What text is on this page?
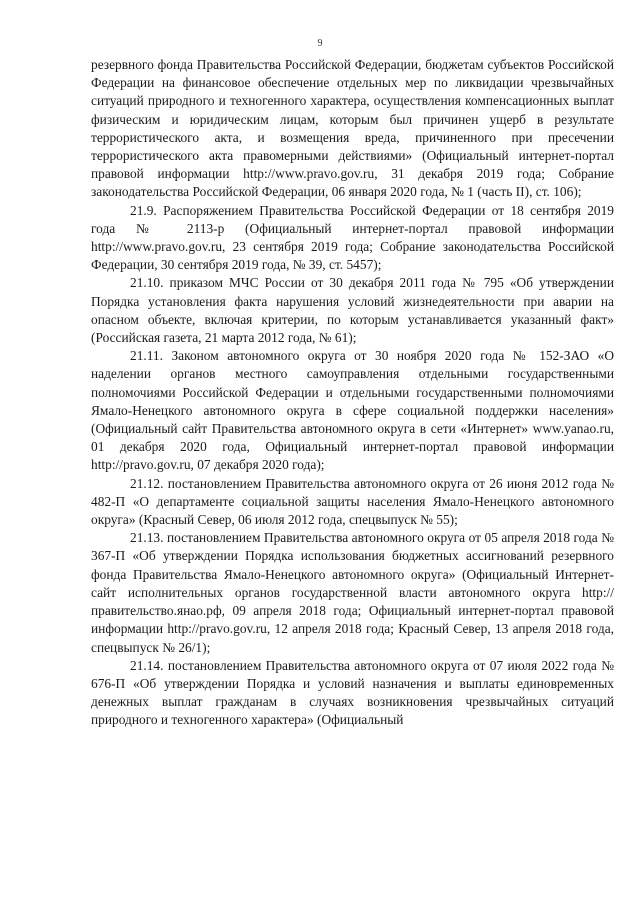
9

резервного фонда Правительства Российской Федерации, бюджетам субъектов Российской Федерации на финансовое обеспечение отдельных мер по ликвидации чрезвычайных ситуаций природного и техногенного характера, осуществления компенсационных выплат физическим и юридическим лицам, которым был причинен ущерб в результате террористического акта, и возмещения вреда, причиненного при пресечении террористического акта правомерными действиями» (Официальный интернет-портал правовой информации http://www.pravo.gov.ru, 31 декабря 2019 года; Собрание законодательства Российской Федерации, 06 января 2020 года, № 1 (часть II), ст. 106);

21.9. Распоряжением Правительства Российской Федерации от 18 сентября 2019 года № 2113-р (Официальный интернет-портал правовой информации http://www.pravo.gov.ru, 23 сентября 2019 года; Собрание законодательства Российской Федерации, 30 сентября 2019 года, № 39, ст. 5457);

21.10. приказом МЧС России от 30 декабря 2011 года № 795 «Об утверждении Порядка установления факта нарушения условий жизнедеятельности при аварии на опасном объекте, включая критерии, по которым устанавливается указанный факт» (Российская газета, 21 марта 2012 года, № 61);

21.11. Законом автономного округа от 30 ноября 2020 года № 152-ЗАО «О наделении органов местного самоуправления отдельными государственными полномочиями Российской Федерации и отдельными государственными полномочиями Ямало-Ненецкого автономного округа в сфере социальной поддержки населения» (Официальный сайт Правительства автономного округа в сети «Интернет» www.yanao.ru, 01 декабря 2020 года, Официальный интернет-портал правовой информации http://pravo.gov.ru, 07 декабря 2020 года);

21.12. постановлением Правительства автономного округа от 26 июня 2012 года № 482-П «О департаменте социальной защиты населения Ямало-Ненецкого автономного округа» (Красный Север, 06 июля 2012 года, спецвыпуск № 55);

21.13. постановлением Правительства автономного округа от 05 апреля 2018 года № 367-П «Об утверждении Порядка использования бюджетных ассигнований резервного фонда Правительства Ямало-Ненецкого автономного округа» (Официальный Интернет-сайт исполнительных органов государственной власти автономного округа http://правительство.янао.рф, 09 апреля 2018 года; Официальный интернет-портал правовой информации http://pravo.gov.ru, 12 апреля 2018 года; Красный Север, 13 апреля 2018 года, спецвыпуск № 26/1);

21.14. постановлением Правительства автономного округа от 07 июля 2022 года № 676-П «Об утверждении Порядка и условий назначения и выплаты единовременных денежных выплат гражданам в случаях возникновения чрезвычайных ситуаций природного и техногенного характера» (Официальный
